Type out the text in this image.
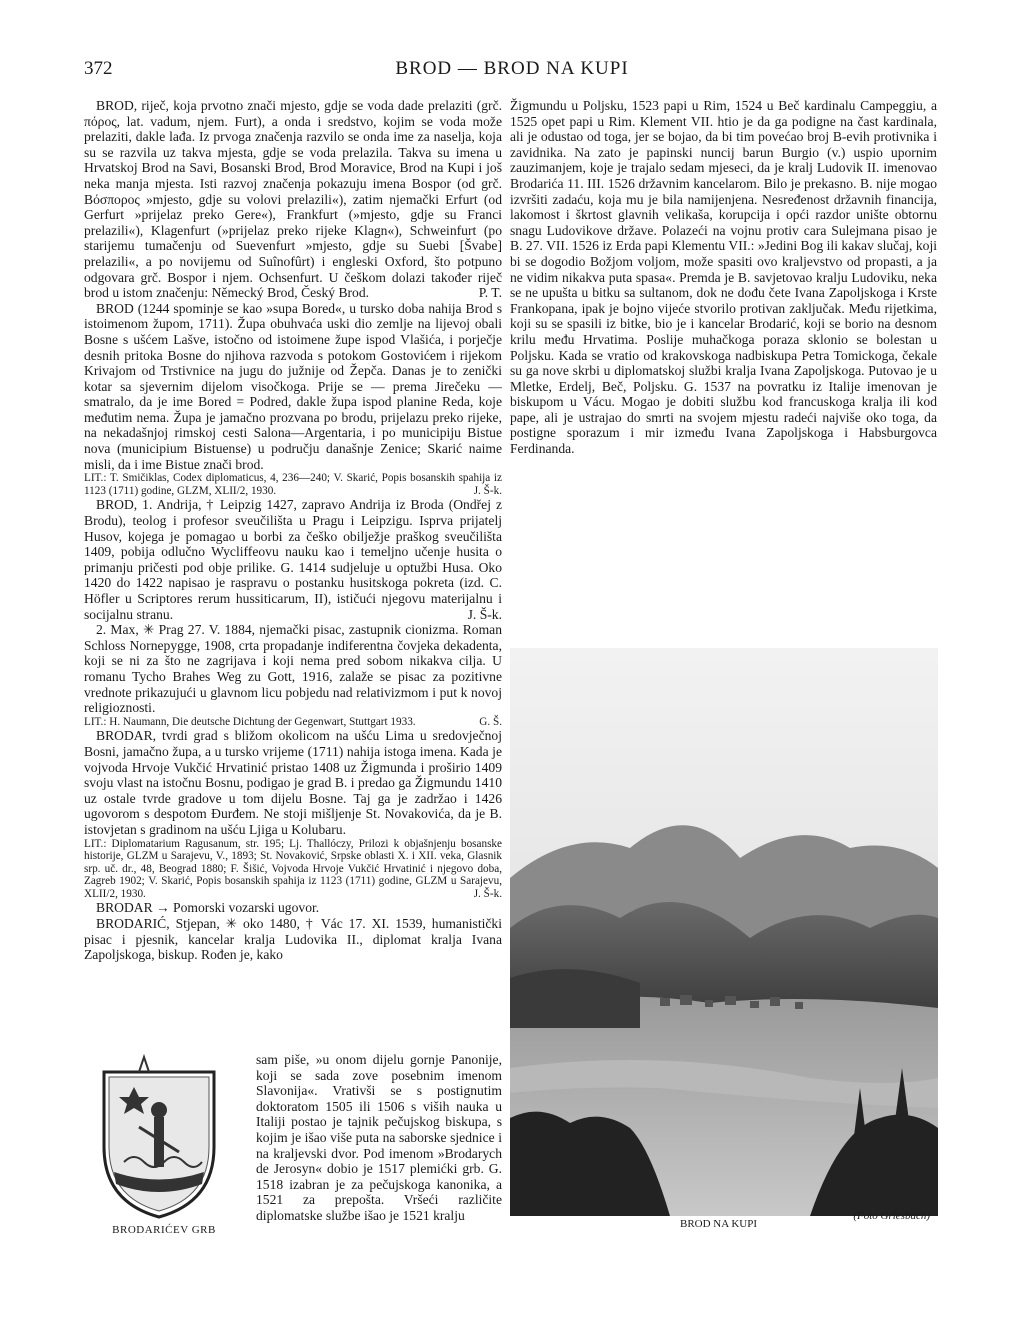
372	BROD — BROD NA KUPI

BROD, riječ, koja prvotno znači mjesto, gdje se voda dade prelaziti (grč. πόρος, lat. vadum, njem. Furt), a onda i sredstvo, kojim se voda može prelaziti, dakle lađa. Iz prvoga značenja razvilo se onda ime za naselja, koja su se razvila uz takva mjesta, gdje se voda prelazila. Takva su imena u Hrvatskoj Brod na Savi, Bosanski Brod, Brod Moravice, Brod na Kupi i još neka manja mjesta. Isti razvoj značenja pokazuju imena Bospor (od grč. Βόσπορος »mjesto, gdje su volovi prelazili«), zatim njemački Erfurt (od Gerfurt »prijelaz preko Gere«), Frankfurt (»mjesto, gdje su Franci prelazili«), Klagenfurt (»prijelaz preko rijeke Klagn«), Schweinfurt (po starijemu tumačenju od Suevenfurt »mjesto, gdje su Suebi [Švabe] prelazili«, a po novijemu od Suînofûrt) i engleski Oxford, što potpuno odgovara grč. Bospor i njem. Ochsenfurt. U češkom dolazi također riječ brod u istom značenju: Německý Brod, Český Brod.	P. T.

BROD (1244 spominje se kao »supa Bored«, u tursko doba nahija Brod s istoimenom župom, 1711). Župa obuhvaća uski dio zemlje na lijevoj obali Bosne s ušćem Lašve, istočno od istoimene župe ispod Vlašića, i porječje desnih pritoka Bosne do njihova razvoda s potokom Gostovićem i rijekom Krivajom od Trstivnice na jugu do južnije od Žepča. Danas je to zenički kotar sa sjevernim dijelom visočkoga. Prije se — prema Jirečeku — smatralo, da je ime Bored = Podred, dakle župa ispod planine Reda, koje međutim nema. Župa je jamačno prozvana po brodu, prijelazu preko rijeke, na nekadašnjoj rimskoj cesti Salona—Argentaria, i po municipiju Bistue nova (municipium Bistuense) u području današnje Zenice; Skarić naime misli, da i ime Bistue znači brod.

LIT.: T. Smičiklas, Codex diplomaticus, 4, 236—240; V. Skarić, Popis bosanskih spahija iz 1123 (1711) godine, GLZM, XLII/2, 1930.	J. Š-k.

BROD, 1. Andrija, † Leipzig 1427, zapravo Andrija iz Broda (Ondřej z Brodu), teolog i profesor sveučilišta u Pragu i Leipzigu. Isprva prijatelj Husov, kojega je pomagao u borbi za češko obilježje praškog sveučilišta 1409, pobija odlučno Wycliffeovu nauku kao i temeljno učenje husita o primanju pričesti pod obje prilike. G. 1414 sudjeluje u optužbi Husa. Oko 1420 do 1422 napisao je raspravu o postanku husitskoga pokreta (izd. C. Höfler u Scriptores rerum hussiticarum, II), ističući njegovu materijalnu i socijalnu stranu.	J. Š-k.

2. Max, ✳ Prag 27. V. 1884, njemački pisac, zastupnik cionizma. Roman Schloss Nornepygge, 1908, crta propadanje indiferentna čovjeka dekadenta, koji se ni za što ne zagrijava i koji nema pred sobom nikakva cilja. U romanu Tycho Brahes Weg zu Gott, 1916, zalaže se pisac za pozitivne vrednote prikazujući u glavnom licu pobjedu nad relativizmom i put k novoj religioznosti.

LIT.: H. Naumann, Die deutsche Dichtung der Gegenwart, Stuttgart 1933.	G. Š.

BRODAR, tvrdi grad s bližom okolicom na ušću Lima u sredovječnoj Bosni, jamačno župa, a u tursko vrijeme (1711) nahija istoga imena. Kada je vojvoda Hrvoje Vukčić Hrvatinić pristao 1408 uz Žigmunda i proširio 1409 svoju vlast na istočnu Bosnu, podigao je grad B. i predao ga Žigmundu 1410 uz ostale tvrde gradove u tom dijelu Bosne. Taj ga je zadržao i 1426 ugovorom s despotom Đurđem. Ne stoji mišljenje St. Novakovića, da je B. istovjetan s gradinom na ušću Ljiga u Kolubaru.

LIT.: Diplomatarium Ragusanum, str. 195; Lj. Thallóczy, Prilozi k objašnjenju bosanske historije, GLZM u Sarajevu, V., 1893; St. Novaković, Srpske oblasti X. i XII. veka, Glasnik srp. uč. dr., 48, Beograd 1880; F. Šišić, Vojvoda Hrvoje Vukčić Hrvatinić i njegovo doba, Zagreb 1902; V. Skarić, Popis bosanskih spahija iz 1123 (1711) godine, GLZM u Sarajevu, XLII/2, 1930.	J. Š-k.

BRODAR → Pomorski vozarski ugovor.

BRODARIĆ, Stjepan, ✳ oko 1480, † Vác 17. XI. 1539, humanistički pisac i pjesnik, kancelar kralja Ludovika II., diplomat kralja Ivana Zapoljskoga, biskup. Rođen je, kako

BRODARIĆEV GRB
sam piše, »u onom dijelu gornje Panonije, koji se sada zove posebnim imenom Slavonija«. Vrativši se s postignutim doktoratom 1505 ili 1506 s viših nauka u Italiji postao je tajnik pečujskog biskupa, s kojim je išao više puta na saborske sjednice i na kraljevski dvor. Pod imenom »Brodarych de Jerosyn« dobio je 1517 plemićki grb. G. 1518 izabran je za pečujskoga kanonika, a 1521 za prepošta. Vršeći različite diplomatske službe išao je 1521 kralju

Žigmundu u Poljsku, 1523 papi u Rim, 1524 u Beč kardinalu Campeggiu, a 1525 opet papi u Rim. Klement VII. htio je da ga podigne na čast kardinala, ali je odustao od toga, jer se bojao, da bi tim povećao broj B-evih protivnika i zavidnika. Na zato je papinski nuncij barun Burgio (v.) uspio upornim zauzimanjem, koje je trajalo sedam mjeseci, da je kralj Ludovik II. imenovao Brodarića 11. III. 1526 državnim kancelarom. Bilo je prekasno. B. nije mogao izvršiti zadaću, koja mu je bila namijenjena. Nesređenost državnih financija, lakomost i škrtost glavnih velikaša, korupcija i opći razdor unište obtornu snagu Ludovikove države. Polazeći na vojnu protiv cara Sulejmana pisao je B. 27. VII. 1526 iz Erda papi Klementu VII.: »Jedini Bog ili kakav slučaj, koji bi se dogodio Božjom voljom, može spasiti ovo kraljevstvo od propasti, a ja ne vidim nikakva puta spasa«. Premda je B. savjetovao kralju Ludoviku, neka se ne upušta u bitku sa sultanom, dok ne dođu čete Ivana Zapoljskoga i Krste Frankopana, ipak je bojno vijeće stvorilo protivan zaključak. Među rijetkima, koji su se spasili iz bitke, bio je i kancelar Brodarić, koji se borio na desnom krilu među Hrvatima. Poslije muhačkoga poraza sklonio se bolestan u Poljsku. Kada se vratio od krakovskoga nadbiskupa Petra Tomickoga, čekale su ga nove skrbi u diplomatskoj službi kralja Ivana Zapoljskoga. Putovao je u Mletke, Erdelj, Beč, Poljsku. G. 1537 na povratku iz Italije imenovan je biskupom u Vácu. Mogao je dobiti službu kod francuskoga kralja ili kod pape, ali je ustrajao do smrti na svojem mjestu radeći najviše oko toga, da postigne sporazum i mir između Ivana Zapoljskoga i Habsburgovca Ferdinanda.

BROD NA KUPI
(Foto Griesbach)
